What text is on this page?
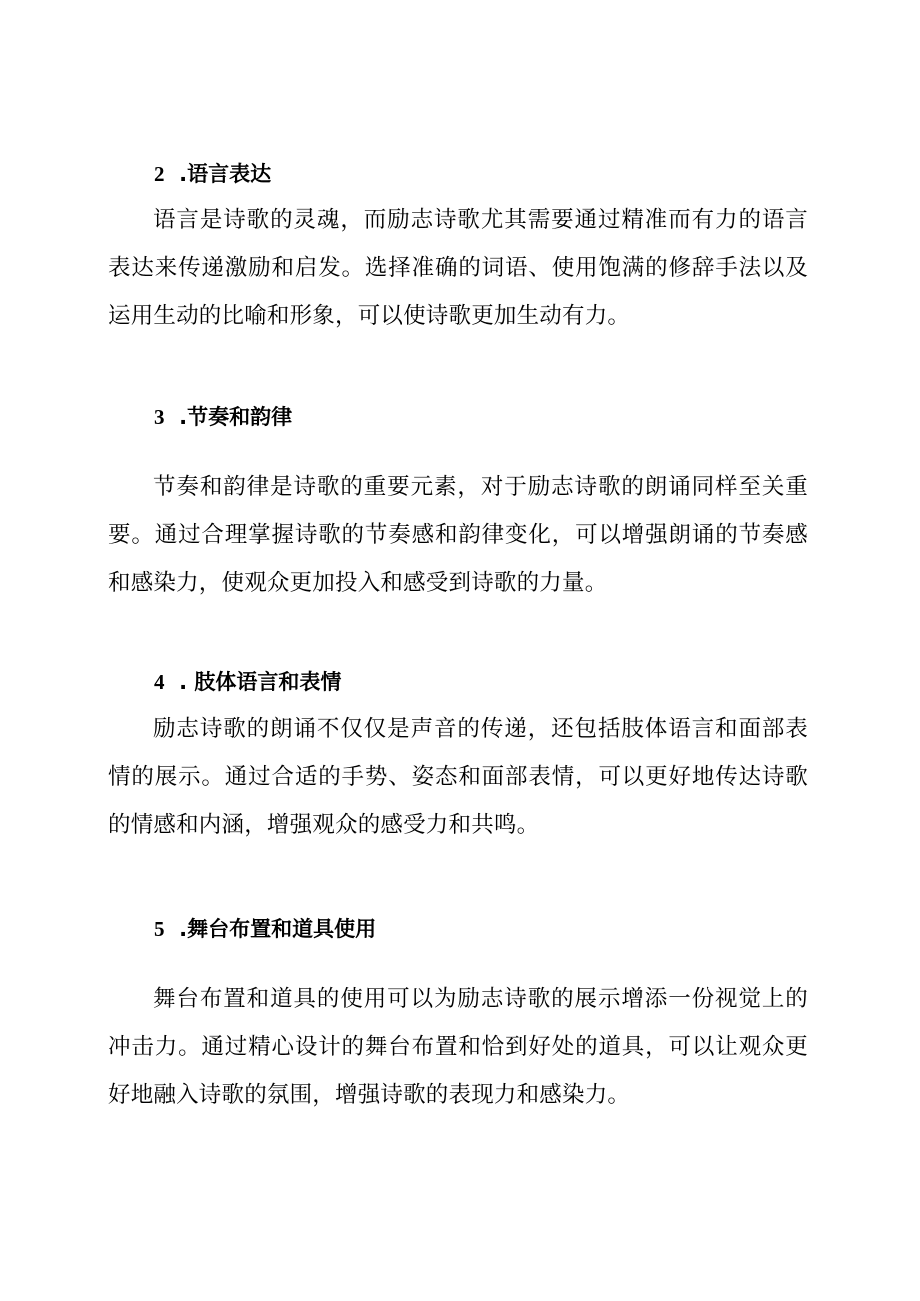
2 .语言表达
语言是诗歌的灵魂，而励志诗歌尤其需要通过精准而有力的语言表达来传递激励和启发。选择准确的词语、使用饱满的修辞手法以及运用生动的比喻和形象，可以使诗歌更加生动有力。
3 .节奏和韵律
节奏和韵律是诗歌的重要元素，对于励志诗歌的朗诵同样至关重要。通过合理掌握诗歌的节奏感和韵律变化，可以增强朗诵的节奏感和感染力，使观众更加投入和感受到诗歌的力量。
4 . 肢体语言和表情
励志诗歌的朗诵不仅仅是声音的传递，还包括肢体语言和面部表情的展示。通过合适的手势、姿态和面部表情，可以更好地传达诗歌的情感和内涵，增强观众的感受力和共鸣。
5 .舞台布置和道具使用
舞台布置和道具的使用可以为励志诗歌的展示增添一份视觉上的冲击力。通过精心设计的舞台布置和恰到好处的道具，可以让观众更好地融入诗歌的氛围，增强诗歌的表现力和感染力。
